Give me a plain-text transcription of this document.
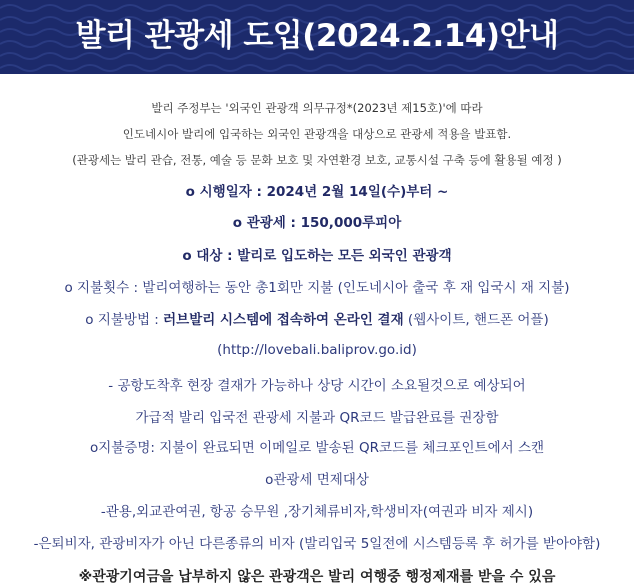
발리 관광세 도입(2024.2.14)안내
발리 주정부는 '외국인 관광객 의무규정*(2023년 제15호)'에 따라
인도네시아 발리에 입국하는 외국인 관광객을 대상으로 관광세 적용을 발표함.
(관광세는 발리 관습, 전통, 예술 등 문화 보호 및 자연환경 보호, 교통시설 구축 등에 활용될 예정 )
o 시행일자 : 2024년 2월 14일(수)부터 ~
o 관광세 : 150,000루피아
o 대상 : 발리로 입도하는 모든 외국인 관광객
o 지불횟수 : 발리여행하는 동안 총1회만 지불 (인도네시아 출국 후 재 입국시 재 지불)
o 지불방법 : 러브발리 시스템에 접속하여 온라인 결재 (웹사이트, 핸드폰 어플)
(http://lovebali.baliprov.go.id)
- 공항도착후 현장 결재가 가능하나 상당 시간이 소요될것으로 예상되어
가급적 발리 입국전 관광세 지불과 QR코드 발급완료를 권장함
o지불증명: 지불이 완료되면 이메일로 발송된 QR코드를 체크포인트에서 스캔
o관광세 면제대상
-관용,외교관여권, 항공 승무원 ,장기체류비자,학생비자(여권과 비자 제시)
-은퇴비자, 관광비자가 아닌 다른종류의 비자 (발리입국 5일전에 시스템등록 후 허가를 받아야함)
※관광기여금을 납부하지 않은 관광객은 발리 여행중 행정제재를 받을 수 있음
